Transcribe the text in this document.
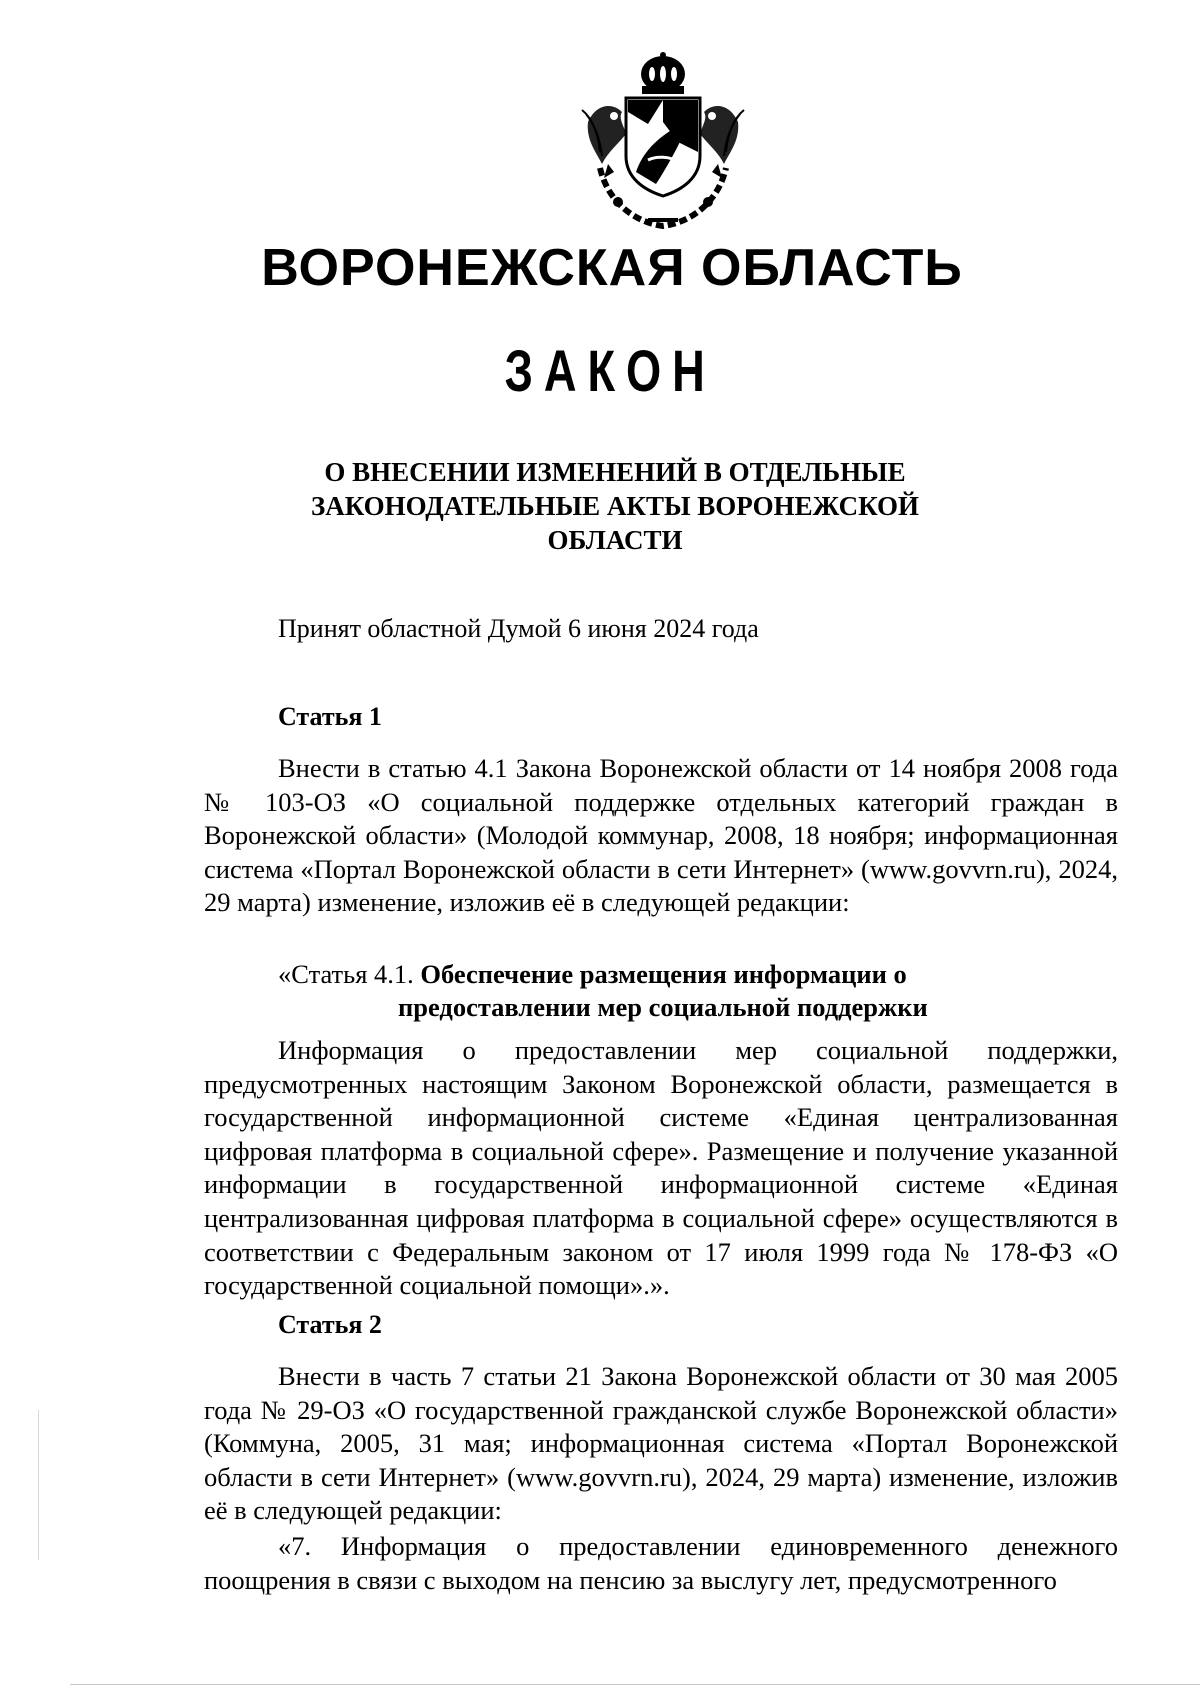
ВОРОНЕЖСКАЯ ОБЛАСТЬ
ЗАКОН
О ВНЕСЕНИИ ИЗМЕНЕНИЙ В ОТДЕЛЬНЫЕ ЗАКОНОДАТЕЛЬНЫЕ АКТЫ ВОРОНЕЖСКОЙ ОБЛАСТИ
Принят областной Думой 6 июня 2024 года
Статья 1
Внести в статью 4.1 Закона Воронежской области от 14 ноября 2008 года № 103-ОЗ «О социальной поддержке отдельных категорий граждан в Воронежской области» (Молодой коммунар, 2008, 18 ноября; информационная система «Портал Воронежской области в сети Интернет» (www.govvrn.ru), 2024, 29 марта) изменение, изложив её в следующей редакции:
«Статья 4.1. Обеспечение размещения информации о
предоставлении мер социальной поддержки
Информация о предоставлении мер социальной поддержки, предусмотренных настоящим Законом Воронежской области, размещается в государственной информационной системе «Единая централизованная цифровая платформа в социальной сфере». Размещение и получение указанной информации в государственной информационной системе «Единая централизованная цифровая платформа в социальной сфере» осуществляются в соответствии с Федеральным законом от 17 июля 1999 года № 178-ФЗ «О государственной социальной помощи».».
Статья 2
Внести в часть 7 статьи 21 Закона Воронежской области от 30 мая 2005 года № 29-ОЗ «О государственной гражданской службе Воронежской области» (Коммуна, 2005, 31 мая; информационная система «Портал Воронежской области в сети Интернет» (www.govvrn.ru), 2024, 29 марта) изменение, изложив её в следующей редакции:
«7. Информация о предоставлении единовременного денежного поощрения в связи с выходом на пенсию за выслугу лет, предусмотренного
